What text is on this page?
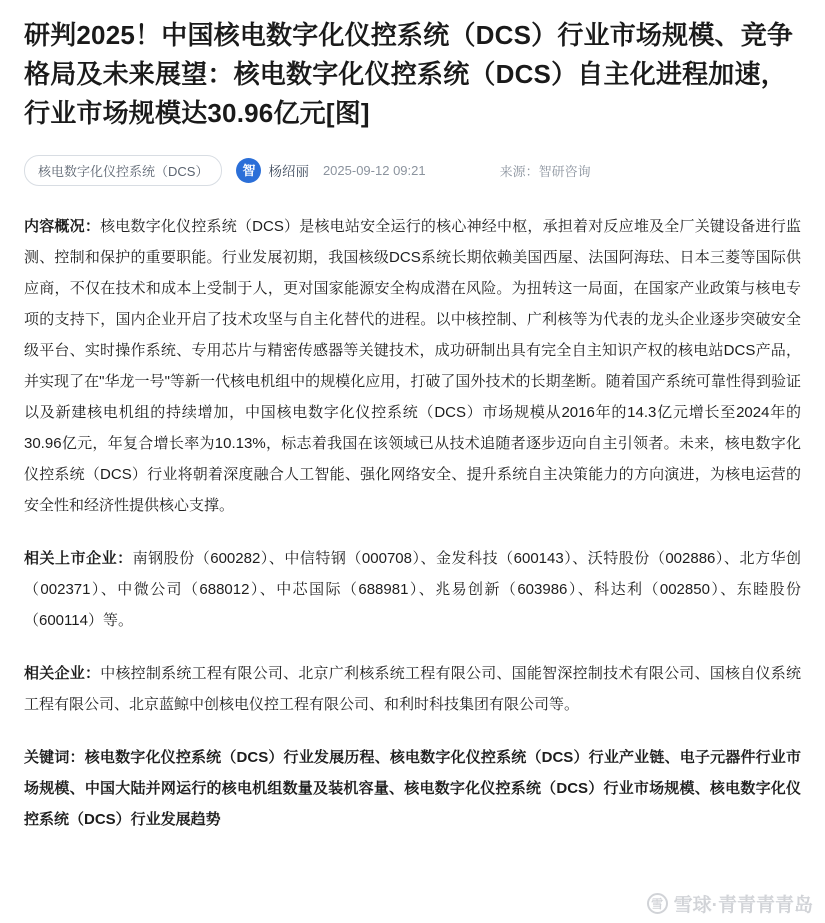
研判2025！中国核电数字化仪控系统（DCS）行业市场规模、竞争格局及未来展望：核电数字化仪控系统（DCS）自主化进程加速，行业市场规模达30.96亿元[图]
核电数字化仪控系统（DCS）	智 杨绍丽 2025-09-12 09:21	来源：智研咨询

内容概况：核电数字化仪控系统（DCS）是核电站安全运行的核心神经中枢，承担着对反应堆及全厂关键设备进行监测、控制和保护的重要职能。行业发展初期，我国核级DCS系统长期依赖美国西屋、法国阿海珐、日本三菱等国际供应商，不仅在技术和成本上受制于人，更对国家能源安全构成潜在风险。为扭转这一局面，在国家产业政策与核电专项的支持下，国内企业开启了技术攻坚与自主化替代的进程。以中核控制、广利核等为代表的龙头企业逐步突破安全级平台、实时操作系统、专用芯片与精密传感器等关键技术，成功研制出具有完全自主知识产权的核电站DCS产品，并实现了在"华龙一号"等新一代核电机组中的规模化应用，打破了国外技术的长期垄断。随着国产系统可靠性得到验证以及新建核电机组的持续增加，中国核电数字化仪控系统（DCS）市场规模从2016年的14.3亿元增长至2024年的30.96亿元，年复合增长率为10.13%，标志着我国在该领域已从技术追随者逐步迈向自主引领者。未来，核电数字化仪控系统（DCS）行业将朝着深度融合人工智能、强化网络安全、提升系统自主决策能力的方向演进，为核电运营的安全性和经济性提供核心支撑。

相关上市企业：南钢股份（600282）、中信特钢（000708）、金发科技（600143）、沃特股份（002886）、北方华创（002371）、中微公司（688012）、中芯国际（688981）、兆易创新（603986）、科达利（002850）、东睦股份（600114）等。

相关企业：中核控制系统工程有限公司、北京广利核系统工程有限公司、国能智深控制技术有限公司、国核自仪系统工程有限公司、北京蓝鲸中创核电仪控工程有限公司、和利时科技集团有限公司等。

关键词：核电数字化仪控系统（DCS）行业发展历程、核电数字化仪控系统（DCS）行业产业链、电子元器件行业市场规模、中国大陆并网运行的核电机组数量及装机容量、核电数字化仪控系统（DCS）行业市场规模、核电数字化仪控系统（DCS）行业发展趋势

雪 雪球·青青青青岛
